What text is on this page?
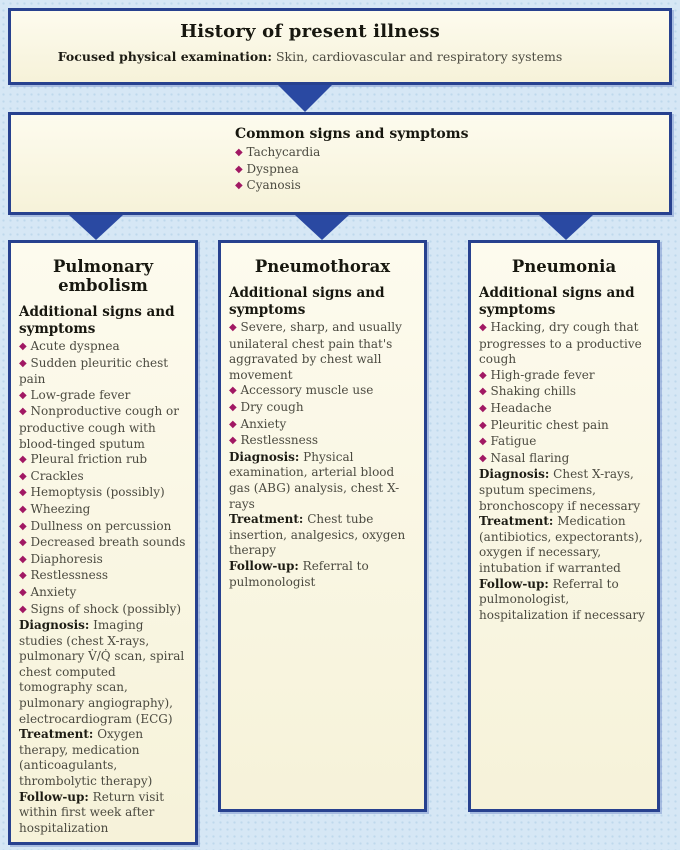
History of present illness

Focused physical examination: Skin, cardiovascular and respiratory systems

Common signs and symptoms

◆ Tachycardia

◆ Dyspnea

◆ Cyanosis

Pulmonary embolism
Additional signs and symptoms

◆ Acute dyspnea

◆ Sudden pleuritic chest pain

◆ Low-grade fever

◆ Nonproductive cough or productive cough with blood-tinged sputum

◆ Pleural friction rub

◆ Crackles

◆ Hemoptysis (possibly)

◆ Wheezing

◆ Dullness on percussion

◆ Decreased breath sounds

◆ Diaphoresis

◆ Restlessness

◆ Anxiety

◆ Signs of shock (possibly)

Diagnosis: Imaging studies (chest X-rays, pulmonary V̇/Q̇ scan, spiral chest computed tomography scan, pulmonary angiography), electrocardiogram (ECG)

Treatment: Oxygen therapy, medication (anticoagulants, thrombolytic therapy)

Follow-up: Return visit within first week after hospitalization

Pneumothorax
Additional signs and symptoms

◆ Severe, sharp, and usually unilateral chest pain that's aggravated by chest wall movement

◆ Accessory muscle use

◆ Dry cough

◆ Anxiety

◆ Restlessness

Diagnosis: Physical examination, arterial blood gas (ABG) analysis, chest X-rays

Treatment: Chest tube insertion, analgesics, oxygen therapy

Follow-up: Referral to pulmonologist

Pneumonia
Additional signs and symptoms

◆ Hacking, dry cough that progresses to a productive cough

◆ High-grade fever

◆ Shaking chills

◆ Headache

◆ Pleuritic chest pain

◆ Fatigue

◆ Nasal flaring

Diagnosis: Chest X-rays, sputum specimens, bronchoscopy if necessary

Treatment: Medication (antibiotics, expectorants), oxygen if necessary, intubation if warranted

Follow-up: Referral to pulmonologist, hospitalization if necessary
